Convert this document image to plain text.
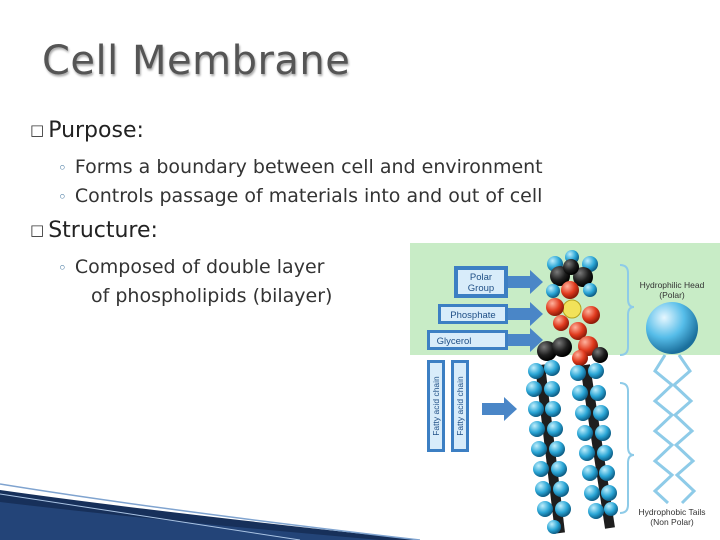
Cell Membrane
□ Purpose:
◦ Forms a boundary between cell and environment
◦ Controls passage of materials into and out of cell
□ Structure:
◦ Composed of double layer
of phospholipids (bilayer)
Polar
Group
Phosphate
Glycerol
Fatty acid chain Fatty acid chain
Hydrophilic Head
(Polar)
Hydrophobic Tails
(Non Polar)
